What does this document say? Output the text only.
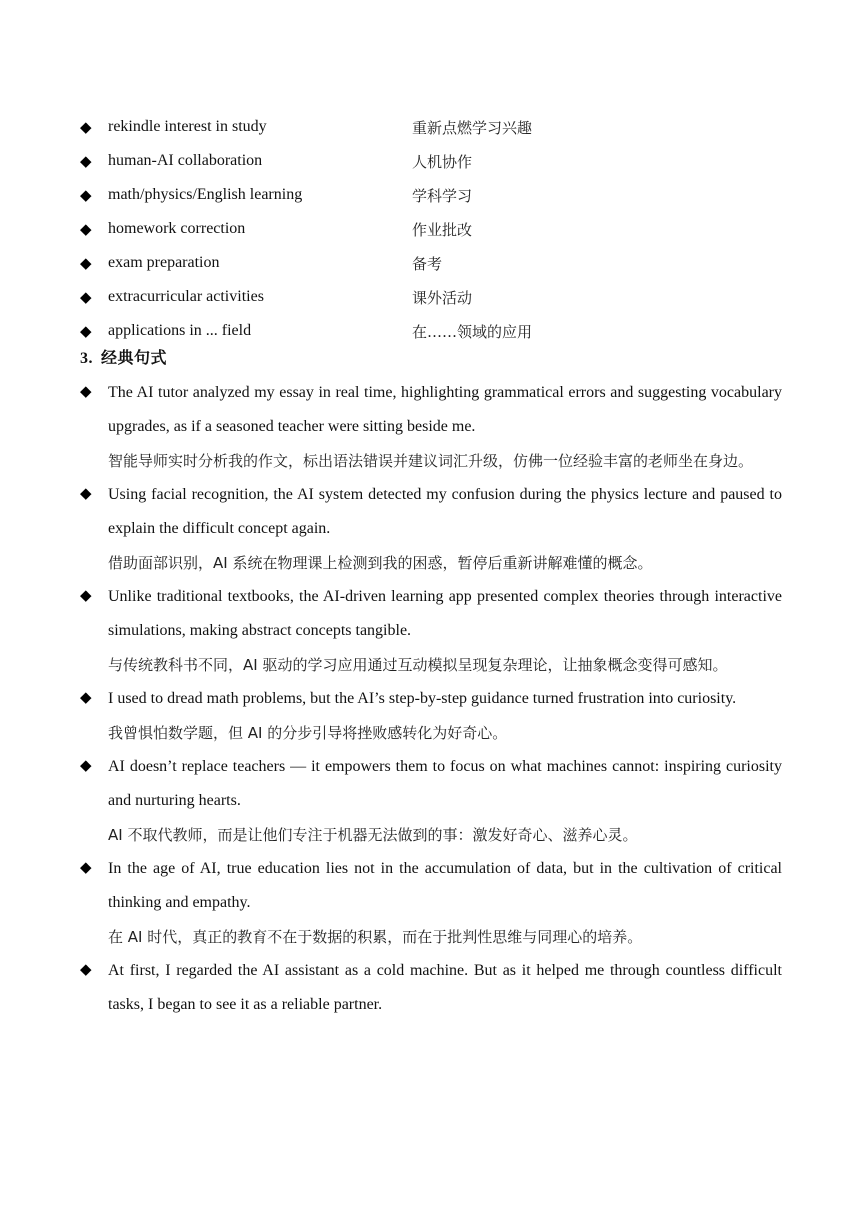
◆	rekindle interest in study	重新点燃学习兴趣
◆	human-AI collaboration	人机协作
◆	math/physics/English learning	学科学习
◆	homework correction	作业批改
◆	exam preparation	备考
◆	extracurricular activities	课外活动
◆	applications in ... field	在……领域的应用
3. 经典句式
◆	The AI tutor analyzed my essay in real time, highlighting grammatical errors and suggesting vocabulary upgrades, as if a seasoned teacher were sitting beside me.
智能导师实时分析我的作文，标出语法错误并建议词汇升级，仿佛一位经验丰富的老师坐在身边。
◆	Using facial recognition, the AI system detected my confusion during the physics lecture and paused to explain the difficult concept again.
借助面部识别，AI 系统在物理课上检测到我的困惑，暂停后重新讲解难懂的概念。
◆	Unlike traditional textbooks, the AI-driven learning app presented complex theories through interactive simulations, making abstract concepts tangible.
与传统教科书不同，AI 驱动的学习应用通过互动模拟呈现复杂理论，让抽象概念变得可感知。
◆	I used to dread math problems, but the AI’s step-by-step guidance turned frustration into curiosity.
我曾惧怕数学题，但 AI 的分步引导将挫败感转化为好奇心。
◆	AI doesn’t replace teachers — it empowers them to focus on what machines cannot: inspiring curiosity and nurturing hearts.
AI 不取代教师，而是让他们专注于机器无法做到的事：激发好奇心、滋养心灵。
◆	In the age of AI, true education lies not in the accumulation of data, but in the cultivation of critical thinking and empathy.
在 AI 时代，真正的教育不在于数据的积累，而在于批判性思维与同理心的培养。
◆	At first, I regarded the AI assistant as a cold machine. But as it helped me through countless difficult tasks, I began to see it as a reliable partner.
